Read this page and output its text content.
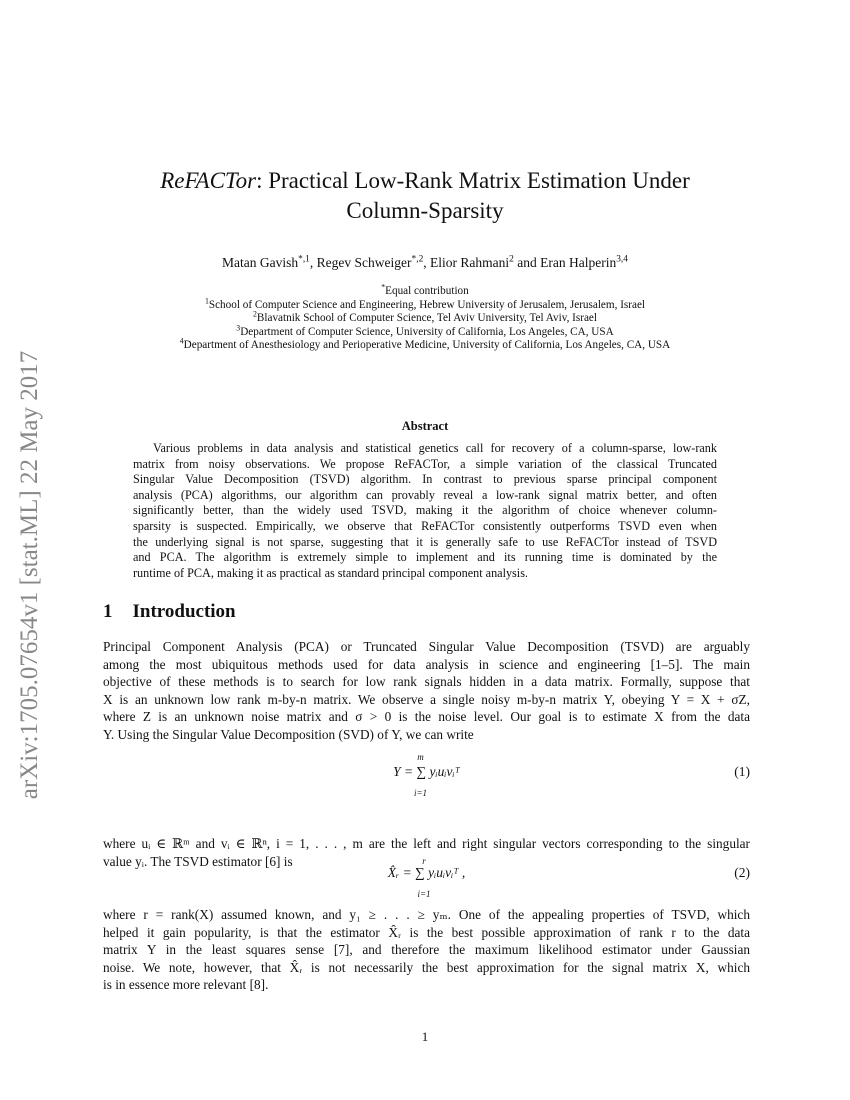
arXiv:1705.07654v1 [stat.ML] 22 May 2017
ReFACTor: Practical Low-Rank Matrix Estimation Under
Column-Sparsity
Matan Gavish$^{*,1}$, Regev Schweiger$^{*,2}$, Elior Rahmani$^2$ and Eran Halperin$^{3,4}$
*Equal contribution
$^1$School of Computer Science and Engineering, Hebrew University of Jerusalem, Jerusalem, Israel
$^2$Blavatnik School of Computer Science, Tel Aviv University, Tel Aviv, Israel
$^3$Department of Computer Science, University of California, Los Angeles, CA, USA
$^4$Department of Anesthesiology and Perioperative Medicine, University of California, Los Angeles, CA, USA
Abstract
Various problems in data analysis and statistical genetics call for recovery of a column-sparse, low-rank
matrix from noisy observations. We propose ReFACTor, a simple variation of the classical Truncated
Singular Value Decomposition (TSVD) algorithm. In contrast to previous sparse principal component
analysis (PCA) algorithms, our algorithm can provably reveal a low-rank signal matrix better, and often
significantly better, than the widely used TSVD, making it the algorithm of choice whenever column-
sparsity is suspected. Empirically, we observe that ReFACTor consistently outperforms TSVD even when
the underlying signal is not sparse, suggesting that it is generally safe to use ReFACTor instead of TSVD
and PCA. The algorithm is extremely simple to implement and its running time is dominated by the
runtime of PCA, making it as practical as standard principal component analysis.
1 Introduction
Principal Component Analysis (PCA) or Truncated Singular Value Decomposition (TSVD) are arguably
among the most ubiquitous methods used for data analysis in science and engineering [1–5]. The main
objective of these methods is to search for low rank signals hidden in a data matrix. Formally, suppose that
X is an unknown low rank m-by-n matrix. We observe a single noisy m-by-n matrix Y, obeying Y = X + σZ,
where Z is an unknown noise matrix and σ > 0 is the noise level. Our goal is to estimate X from the data
Y. Using the Singular Value Decomposition (SVD) of Y, we can write
m
Y = ∑ yᵢuᵢvᵢᵀ
i=1
(1)
where uᵢ ∈ ℝᵐ and vᵢ ∈ ℝⁿ, i = 1, . . . , m are the left and right singular vectors corresponding to the singular
value yᵢ. The TSVD estimator [6] is	r
X̂ᵣ = ∑ yᵢuᵢvᵢᵀ ,
i=1
(2)
where r = rank(X) assumed known, and y₁ ≥ . . . ≥ yₘ. One of the appealing properties of TSVD, which
helped it gain popularity, is that the estimator X̂ᵣ is the best possible approximation of rank r to the data
matrix Y in the least squares sense [7], and therefore the maximum likelihood estimator under Gaussian
noise. We note, however, that X̂ᵣ is not necessarily the best approximation for the signal matrix X, which
is in essence more relevant [8].
1
